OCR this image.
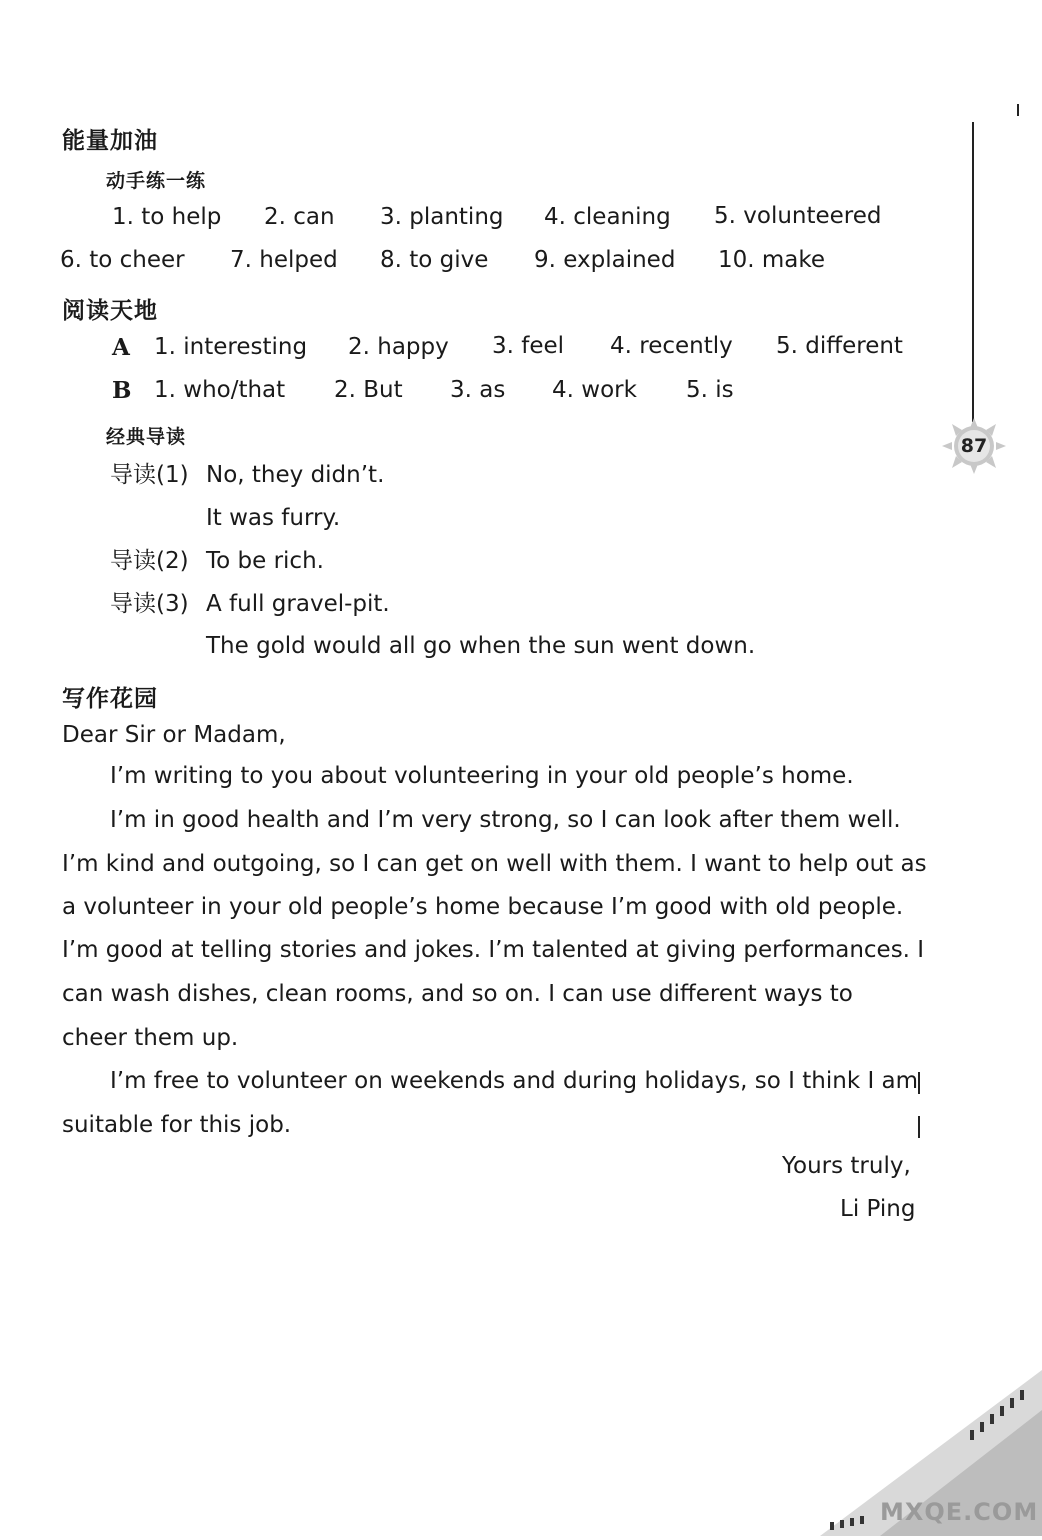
87
能量加油
动手练一练
1. to help 2. can 3. planting 4. cleaning 5. volunteered
6. to cheer 7. helped 8. to give 9. explained 10. make
阅读天地
A 1. interesting 2. happy 3. feel 4. recently 5. different
B 1. who/that 2. But 3. as 4. work 5. is
经典导读
导读(1) No, they didn’t.
It was furry.
导读(2) To be rich.
导读(3) A full gravel-pit.
The gold would all go when the sun went down.
写作花园
Dear Sir or Madam,
I’m writing to you about volunteering in your old people’s home.
I’m in good health and I’m very strong, so I can look after them well.
I’m kind and outgoing, so I can get on well with them. I want to help out as
a volunteer in your old people’s home because I’m good with old people.
I’m good at telling stories and jokes. I’m talented at giving performances. I
can wash dishes, clean rooms, and so on. I can use different ways to
cheer them up.
I’m free to volunteer on weekends and during holidays, so I think I am
suitable for this job.
Yours truly,
Li Ping
MXQE.COM
